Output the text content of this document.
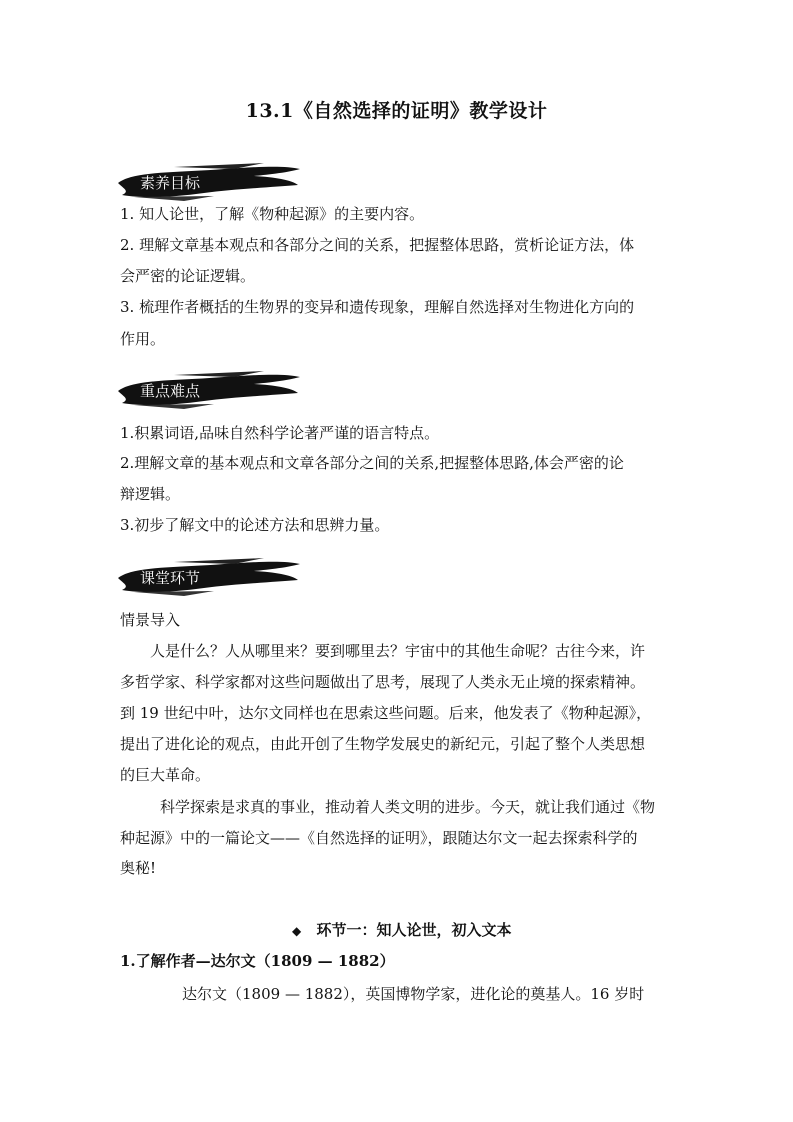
13.1《自然选择的证明》教学设计
素养目标
1. 知人论世，了解《物种起源》的主要内容。
2. 理解文章基本观点和各部分之间的关系，把握整体思路，赏析论证方法，体
会严密的论证逻辑。
3. 梳理作者概括的生物界的变异和遗传现象，理解自然选择对生物进化方向的
作用。
重点难点
1.积累词语,品味自然科学论著严谨的语言特点。
2.理解文章的基本观点和文章各部分之间的关系,把握整体思路,体会严密的论
辩逻辑。
3.初步了解文中的论述方法和思辨力量。
课堂环节
情景导入
人是什么？人从哪里来？要到哪里去？宇宙中的其他生命呢？古往今来，许
多哲学家、科学家都对这些问题做出了思考，展现了人类永无止境的探索精神。
到 19 世纪中叶，达尔文同样也在思索这些问题。后来，他发表了《物种起源》，
提出了进化论的观点，由此开创了生物学发展史的新纪元，引起了整个人类思想
的巨大革命。
科学探索是求真的事业，推动着人类文明的进步。今天，就让我们通过《物
种起源》中的一篇论文——《自然选择的证明》，跟随达尔文一起去探索科学的
奥秘!
◆ 环节一：知人论世，初入文本
1.了解作者—达尔文（1809 — 1882）
达尔文（1809 — 1882），英国博物学家，进化论的奠基人。16 岁时
